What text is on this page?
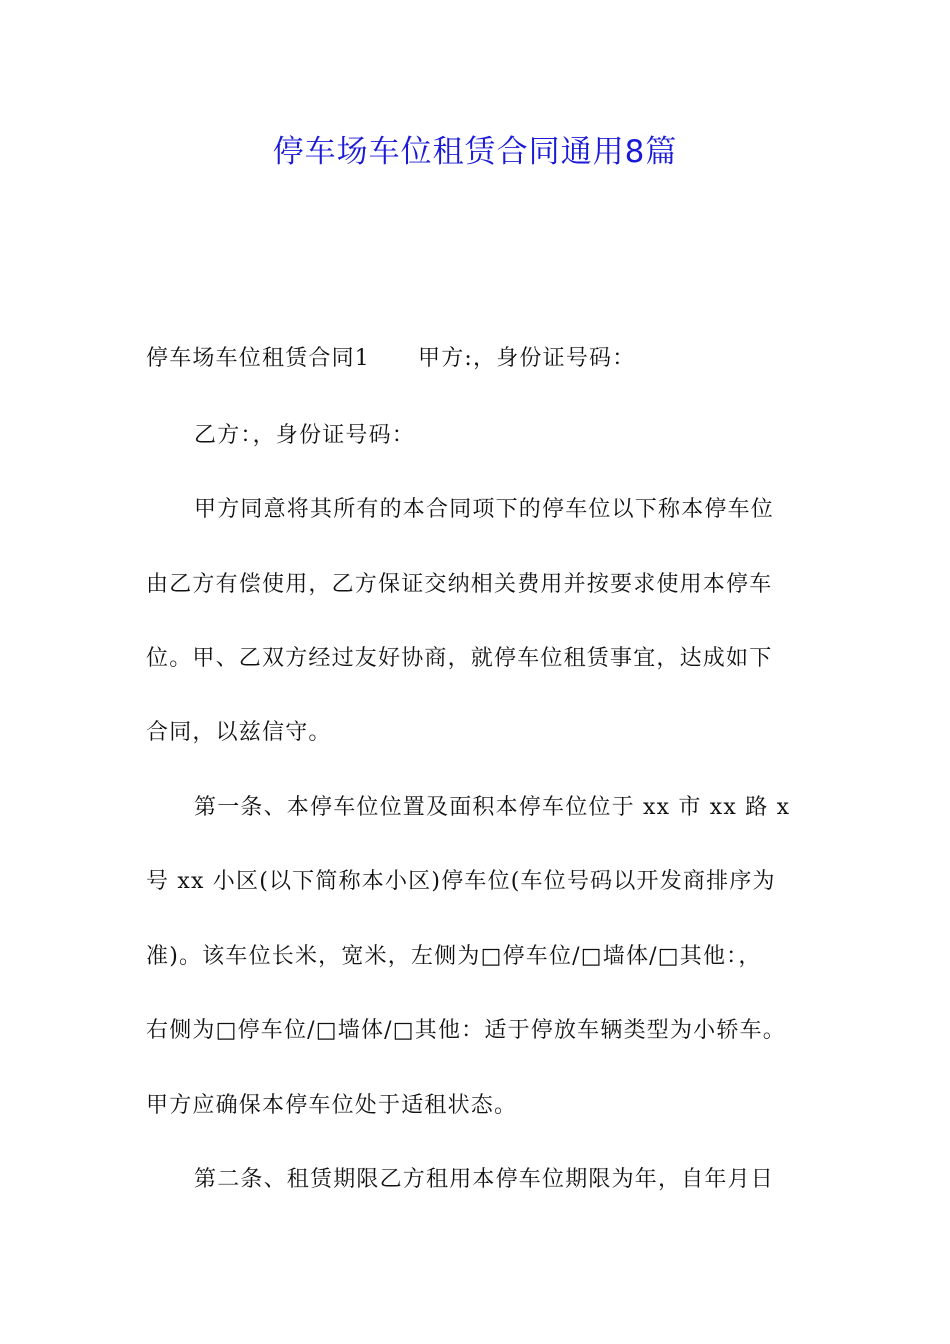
停车场车位租赁合同通用8篇
停车场车位租赁合同1 甲方:，身份证号码：
乙方：，身份证号码：
甲方同意将其所有的本合同项下的停车位以下称本停车位
由乙方有偿使用，乙方保证交纳相关费用并按要求使用本停车
位。甲、乙双方经过友好协商，就停车位租赁事宜，达成如下
合同，以兹信守。
第一条、本停车位位置及面积本停车位位于 xx 市 xx 路 x
号 xx 小区(以下简称本小区)停车位(车位号码以开发商排序为
准)。该车位长米，宽米，左侧为□停车位/□墙体/□其他：，
右侧为□停车位/□墙体/□其他：适于停放车辆类型为小轿车。
甲方应确保本停车位处于适租状态。
第二条、租赁期限乙方租用本停车位期限为年，自年月日
